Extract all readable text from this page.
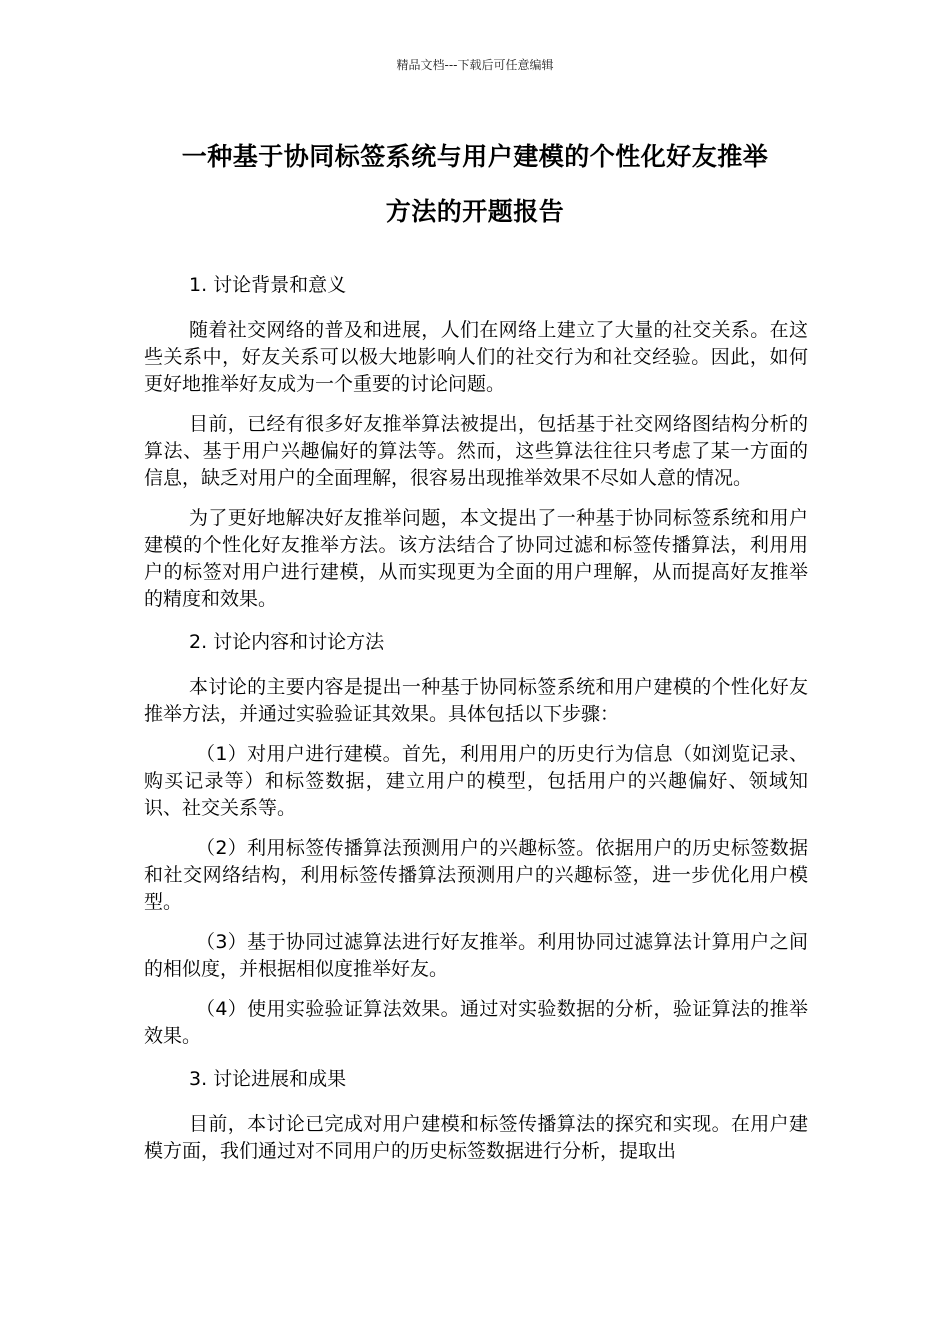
精品文档---下载后可任意编辑
一种基于协同标签系统与用户建模的个性化好友推举
方法的开题报告

1. 讨论背景和意义

随着社交网络的普及和进展，人们在网络上建立了大量的社交关系。在这些关系中，好友关系可以极大地影响人们的社交行为和社交经验。因此，如何更好地推举好友成为一个重要的讨论问题。

目前，已经有很多好友推举算法被提出，包括基于社交网络图结构分析的算法、基于用户兴趣偏好的算法等。然而，这些算法往往只考虑了某一方面的信息，缺乏对用户的全面理解，很容易出现推举效果不尽如人意的情况。

为了更好地解决好友推举问题，本文提出了一种基于协同标签系统和用户建模的个性化好友推举方法。该方法结合了协同过滤和标签传播算法，利用用户的标签对用户进行建模，从而实现更为全面的用户理解，从而提高好友推举的精度和效果。

2. 讨论内容和讨论方法

本讨论的主要内容是提出一种基于协同标签系统和用户建模的个性化好友推举方法，并通过实验验证其效果。具体包括以下步骤：

（1）对用户进行建模。首先，利用用户的历史行为信息（如浏览记录、购买记录等）和标签数据，建立用户的模型，包括用户的兴趣偏好、领域知识、社交关系等。

（2）利用标签传播算法预测用户的兴趣标签。依据用户的历史标签数据和社交网络结构，利用标签传播算法预测用户的兴趣标签，进一步优化用户模型。

（3）基于协同过滤算法进行好友推举。利用协同过滤算法计算用户之间的相似度，并根据相似度推举好友。

（4）使用实验验证算法效果。通过对实验数据的分析，验证算法的推举效果。

3. 讨论进展和成果

目前，本讨论已完成对用户建模和标签传播算法的探究和实现。在用户建模方面，我们通过对不同用户的历史标签数据进行分析，提取出
